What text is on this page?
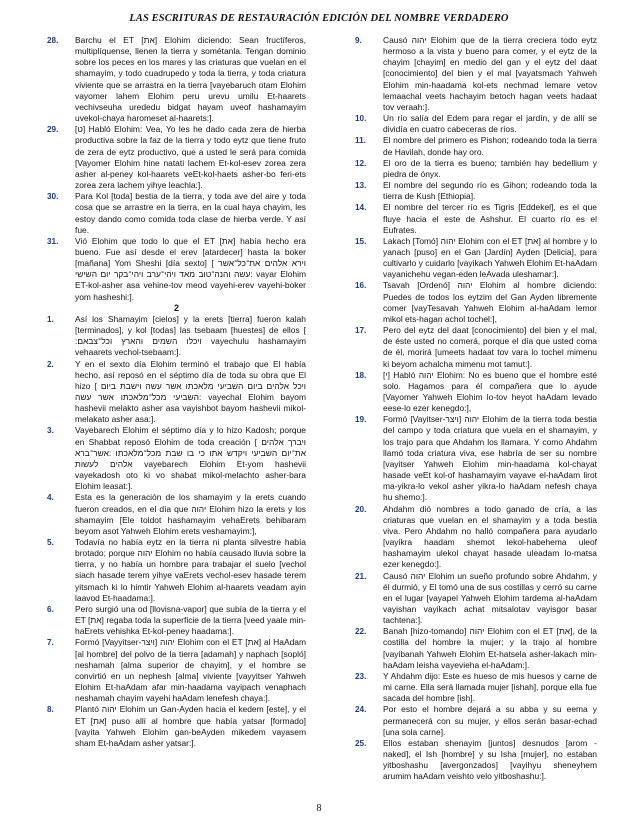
LAS ESCRITURAS DE RESTAURACIÓN EDICIÓN DEL NOMBRE VERDADERO

28. Barchu el ET [את] Elohim diciendo: Sean fructíferos, multiplíquense, llenen la tierra y sométanla. Tengan dominio sobre los peces en los mares y las criaturas que vuelan en el shamayim, y todo cuadrupedo y toda la tierra, y toda criatura viviente que se arrastra en la tierra [vayebaruch otam Elohim vayomer lahem Elohim peru urevu umilu Et-haarets vechivseuha urededu bidgat hayam uveof hashamayim uvekol-chaya haromeset al-haarets:].

29. [ט] Habló Elohim: Vea, Yo les he dado cada zera de hierba productiva sobre la faz de la tierra y todo eytz que tiene fruto de zera de eytz productivo, que a usted le será para comida [Vayomer Elohim hine natati lachem Et-kol-esev zorea zera asher al-peney kol-haarets veEt-kol-haets asher-bo feri-ets zorea zera lachem yihye leachla:].

30. Para Kol [toda] bestia de la tierra, y toda ave del aire y toda cosa que se arrastre en la tierra, en la cual haya chayim, les estoy dando como comida toda clase de hierba verde. Y así fue.

31. Vió Elohim que todo lo que el ET [את] había hecho era bueno. Fue así desde el erev [atardecer] hasta la boker [mañana] Yom Sheshi [día sexto] [ וירא אלהים את־כל־אשר :עשה והנה־טוב מאד ויהי־ערב ויהי־בקר יום השישי vayar Elohim ET-kol-asher asa vehine-tov meod vayehi-erev vayehi-boker yom hasheshi:].

2

1.	Así los Shamayim [cielos] y la erets [tierra] fueron kalah [terminados], y kol [todas] las tsebaam [huestes] de ellos [ :ויכלו השמים והארץ וכל־צבאם vayechulu hashamayim vehaarets vechol-tsebaam:].

2.	Y en el sexto día Elohim terminó el trabajo que El había hecho, así reposó en el séptimo día de toda su obra que El hizo [ ויכל אלהים ביום השביעי מלאכתו אשר עשה וישבת ביום :השביעי מכל־מלאכתו אשר עשה vayechal Elohim bayom hashevii melakto asher asa vayishbot bayom hashevii mikol-melakato asher asa:].

3.	Vayebarech Elohim el séptimo día y lo hizo Kadosh; porque en Shabbat reposó Elohim de toda creación [ ויברך אלהים את־יום השביעי ויקדש אתו כי בו שבת מכל־מלאכתו :אשר־ברא אלהים לעשות vayebarech Elohim Et-yom hashevii vayekadosh oto ki vo shabat mikol-melachto asher-bara Elohim leasat:].

4.	Esta es la generación de los shamayim y la erets cuando fueron creados, en el día que יהוה Elohim hizo la erets y los shamayim [Ele toldot hashamayim vehaErets behibaram beyom asot Yahweh Elohim erets veshamayim:],

5.	Todavía no había eytz en la tierra ni planta silvestre había brotado; porque יהוה Elohim no había causado lluvia sobre la tierra, y no había un hombre para trabajar el suelo [vechol siach hasade terem yihye vaErets vechol-esev hasade terem yitsmach ki lo himtir Yahweh Elohim al-haarets veadam ayin laavod Et-haadama:].

6.	Pero surgió una od [llovisna-vapor] que subía de la tierra y el ET [את] regaba toda la superficie de la tierra [veed yaale min-haErets vehishka Et-kol-peney haadama:].

7.	Formó [Vayyitser-ויצר] יהוה Elohim con el ET [את] al HaAdam [al hombre] del polvo de la tierra [adamah] y naphach [sopló] neshamah [alma superior de chayim], y el hombre se convirtió en un nephesh [alma] viviente [vayyitser Yahweh Elohim Et-haAdam afar min-haadama vayipach venaphach neshamah chayim vayehi haAdam lenefesh chaya:].

8.	Plantó יהוה Elohim un Gan-Ayden hacia el kedem [este], y el ET [את] puso allí al hombre que había yatsar [formado] [vayita Yahweh Elohim gan-beAyden mikedem vayasem sham Et-haAdam asher yatsar:].

9.	Causó יהוה Elohim que de la tierra creciera todo eytz hermoso a la vista y bueno para comer, y el eytz de la chayim [chayim] en medio del gan y el eytz del daat [conocimiento] del bien y el mal [vayatsmach Yahweh Elohim min-haadama kol-ets nechmad lemare vetov lemaachal veets hachayim betoch hagan veets hadaat tov veraah:].

10. Un río salía del Edem para regar el jardín, y de allí se dividía en cuatro cabeceras de ríos.

11. El nombre del primero es Pishon; rodeando toda la tierra de Havilah, donde hay oro.

12. El oro de la tierra es bueno; también hay bedellium y piedra de ónyx.

13. El nombre del segundo río es Gihon; rodeando toda la tierra de Kush [Ethiopia].

14. El nombre del tercer río es Tigris [Eddekel], es el que fluye hacia el este de Ashshur. El cuarto río es el Eufrates.

15. Lakach [Tomó] יהוה Elohim con el ET [את] al hombre y lo yanach [puso] en el Gan [Jardín] Ayden [Delicia], para cultivarlo y cuidarlo [vayikach Yahweh Elohim Et-haAdam vayanichehu vegan-eden leAvada uleshamar:].

16. Tsavah [Ordenó] יהוה Elohim al hombre diciendo: Puedes de todos los eytzim del Gan Ayden libremente comer [vayTesavah Yahweh Elohim al-haAdam lemor mikol ets-hagan achol tochel:],

17. Pero del eytz del daat [conocimiento] del bien y el mal, de éste usted no comerá, porque el día que usted coma de él, morirá [umeets hadaat tov vara lo tochel mimenu ki beyom achalcha mimenu mot tamut:].

18. [י] Habló יהוה Elohim: No es bueno que el hombre esté solo. Hagamos para él compañera que lo ayude [Vayomer Yahweh Elohim lo-tov heyot haAdam levado eese-lo ezer kenegdo:],

19. Formó [Vayitser-ויצר] יהוה Elohim de la tierra toda bestia del campo y toda criatura que vuela en el shamayim, y los trajo para que Ahdahm los llamara. Y como Ahdahm llamó toda criatura viva, ese habría de ser su nombre [vayitser Yahweh Elohim min-haadama kol-chayat hasade veEt kol-of hashamayim vayave el-haAdam lirot ma-yikra-lo vekol asher yikra-lo haAdam nefesh chaya hu shemo:].

20. Ahdahm dió nombres a todo ganado de cría, a las criaturas que vuelan en el shamayim y a toda bestia viva. Pero Ahdahm no halló compañera para ayudarlo [vayikra haadam shemot lekol-habehema uleof hashamayim ulekol chayat hasade uleadam lo-matsa ezer kenegdo:].

21. Causó יהוה Elohim un sueño profundo sobre Ahdahm, y él durmió, y El tomó una de sus costillas y cerró su carne en el lugar [vayapel Yahweh Elohim tardema al-haAdam vayishan vayikach achat mitsalotav vayisgor basar tachtena:].

22. Banah [hizo-tomando] יהוה Elohim con el ET [את], de la costilla del hombre la mujer; y la trajo al hombre [vayibanah Yahweh Elohim Et-hatsela asher-lakach min-haAdam leisha vayevieha el-haAdam:].

23. Y Ahdahm dijo: Este es hueso de mis huesos y carne de mi carne. Ella será llamada mujer [ishah], porque ella fue sacada del hombre [ish].

24. Por esto el hombre dejará a su abba y su eema y permanecerá con su mujer, y ellos serán basar-echad [una sola carne].

25. Ellos estaban shenayim [juntos] desnudos [arom -naked], el Ish [hombre] y su Isha [mujer], no estaban yitboshashu [avergonzados] [vayihyu sheneyhem arumim haAdam veishto velo yitboshashu:].

8
